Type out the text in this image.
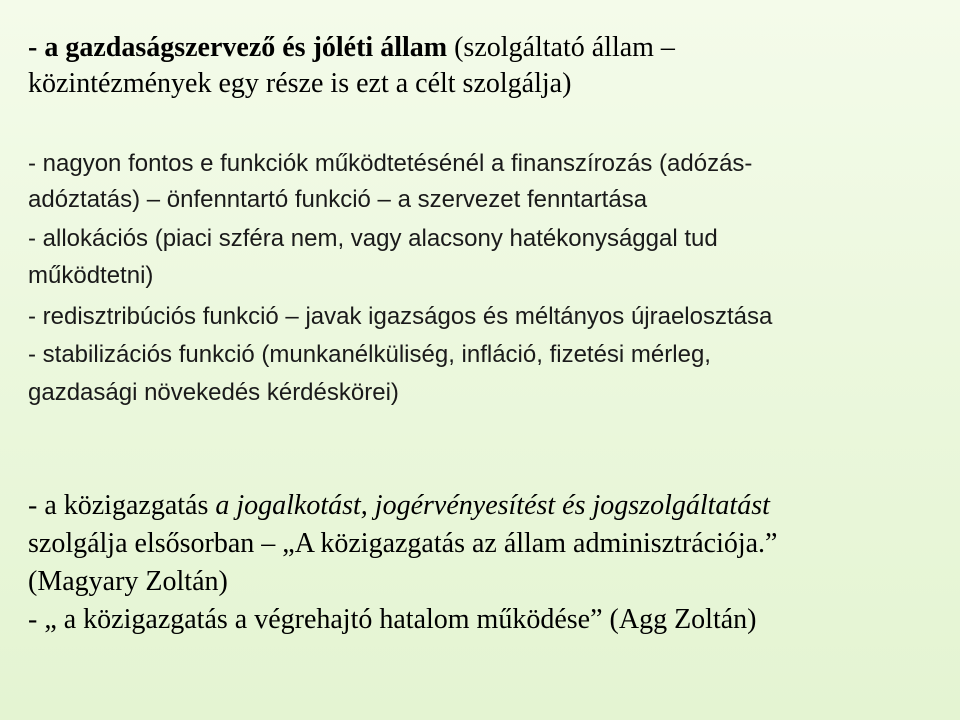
- a gazdaságszervező és jóléti állam (szolgáltató állam –
közintézmények egy része is ezt a célt szolgálja)
- nagyon fontos e funkciók működtetésénél a finanszírozás (adózás-
adóztatás) – önfenntartó funkció – a szervezet fenntartása
- allokációs (piaci szféra nem, vagy alacsony hatékonysággal tud
működtetni)
- redisztribúciós funkció – javak igazságos és méltányos újraelosztása
- stabilizációs funkció (munkanélküliség, infláció, fizetési mérleg,
gazdasági növekedés kérdéskörei)
- a közigazgatás a jogalkotást, jogérvényesítést és jogszolgáltatást
szolgálja elsősorban – „A közigazgatás az állam adminisztrációja.”
(Magyary Zoltán)
- „ a közigazgatás a végrehajtó hatalom működése” (Agg Zoltán)
